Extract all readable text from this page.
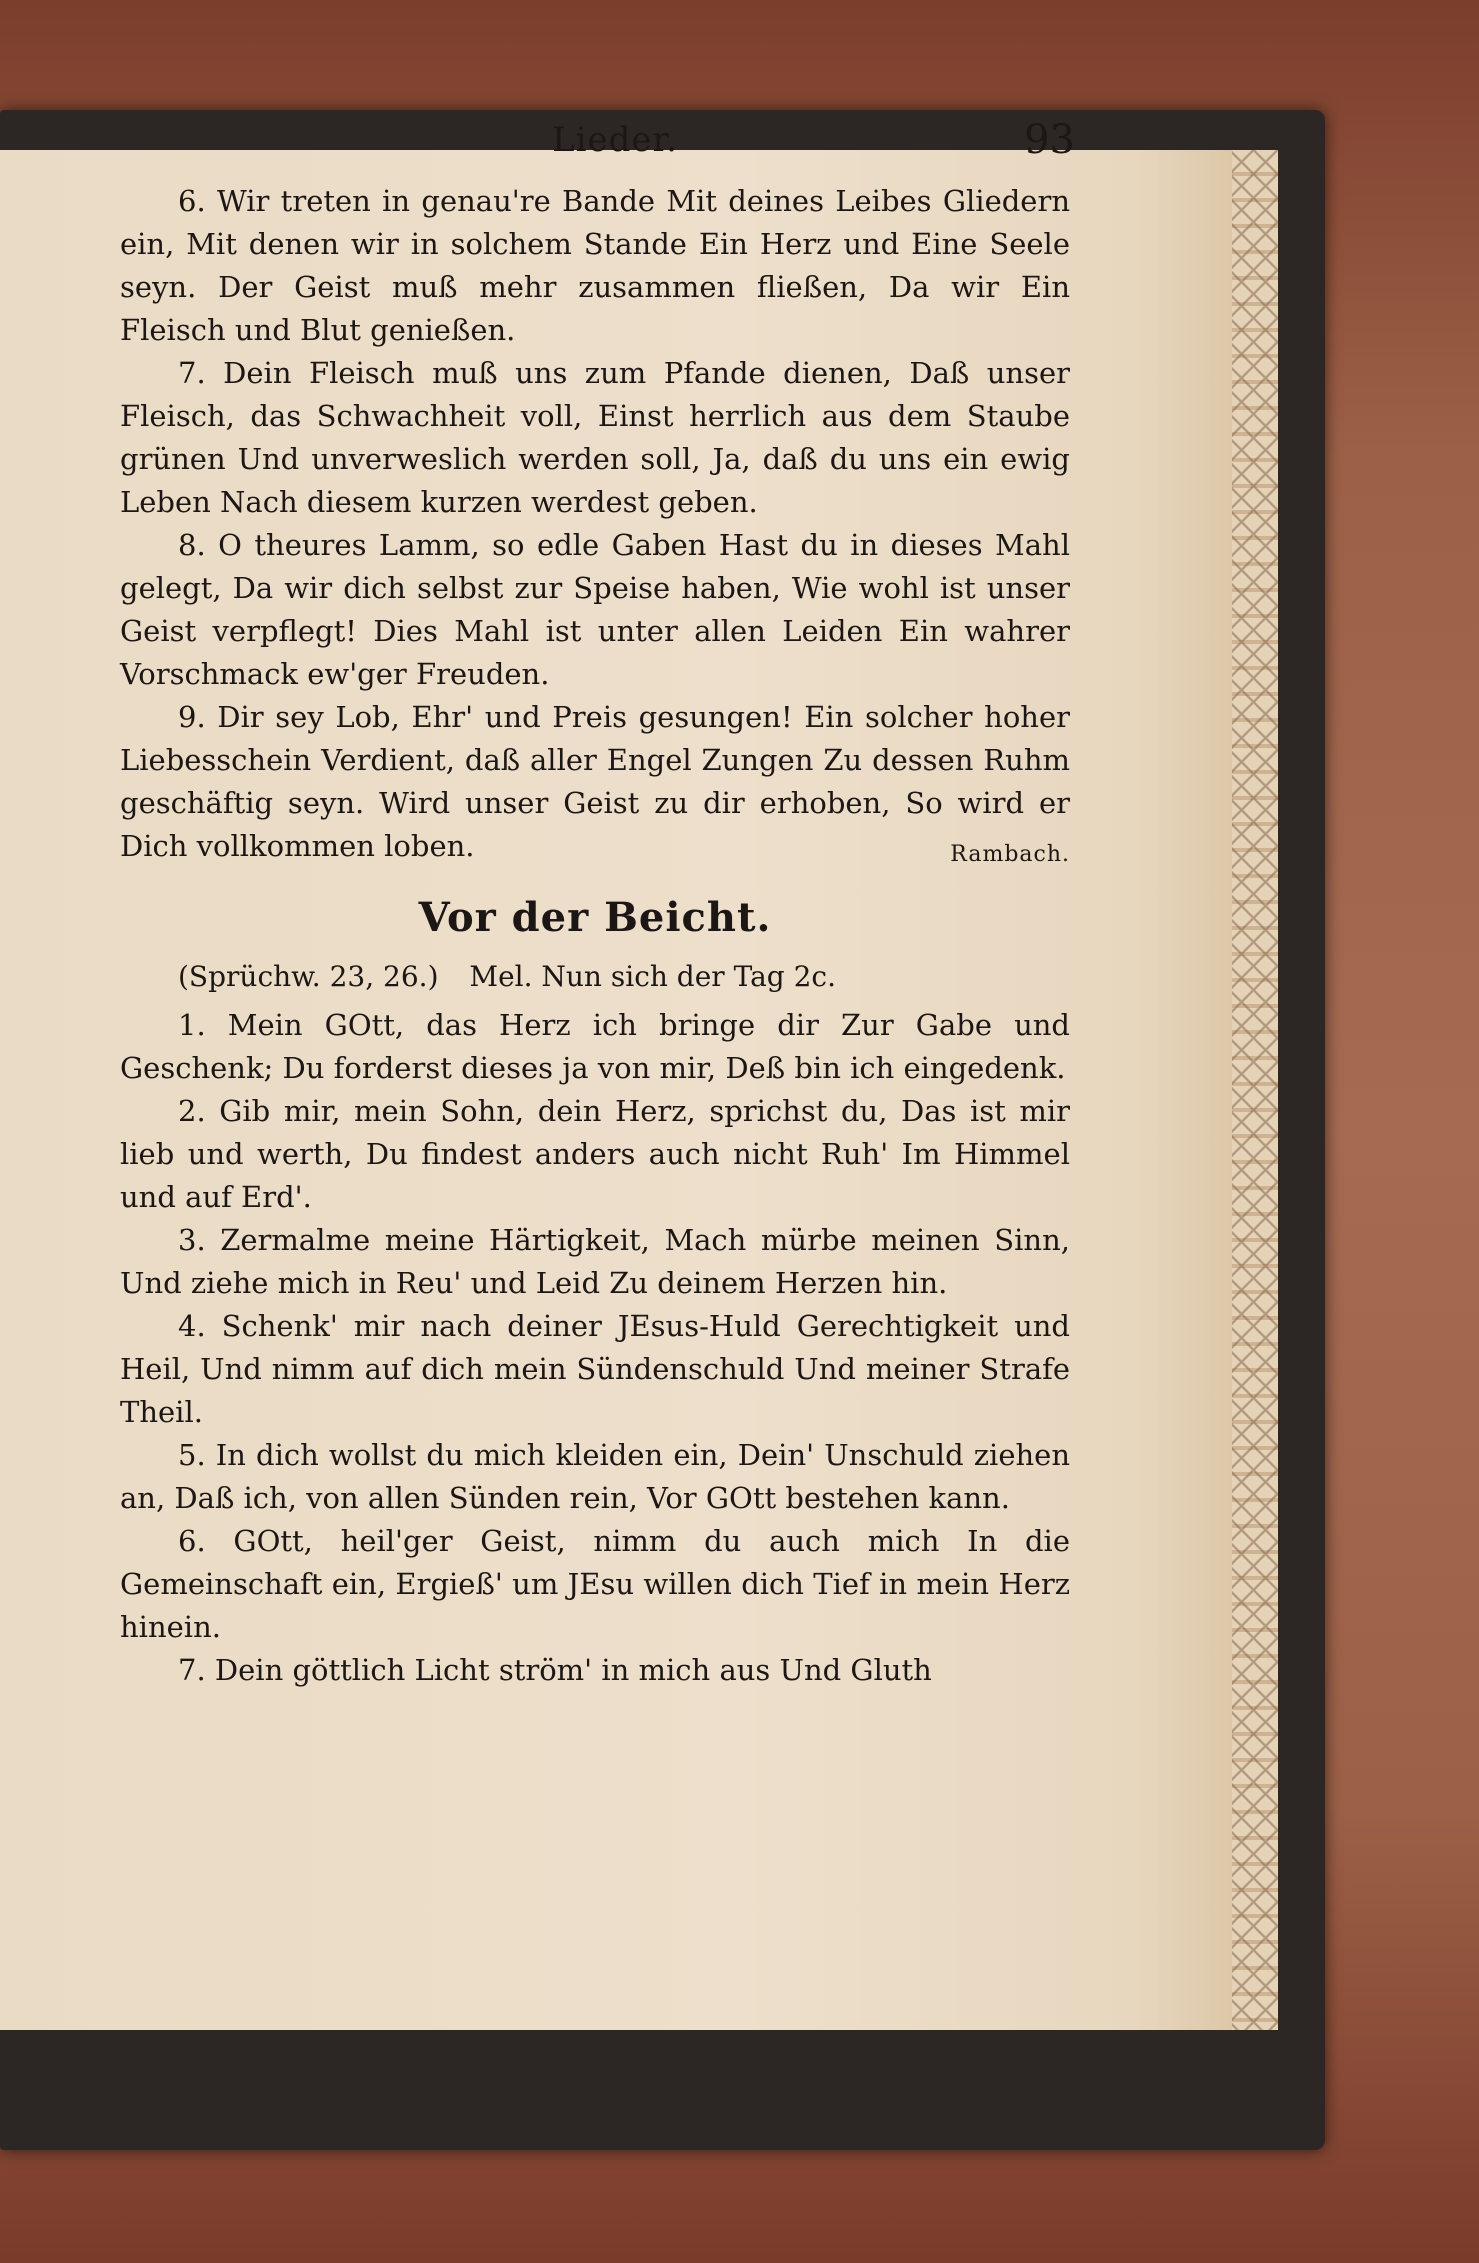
Lieder.	93

6. Wir treten in genau're Bande Mit deines Leibes Gliedern ein, Mit denen wir in solchem Stande Ein Herz und Eine Seele seyn. Der Geist muß mehr zusammen fließen, Da wir Ein Fleisch und Blut genießen.

7. Dein Fleisch muß uns zum Pfande dienen, Daß unser Fleisch, das Schwachheit voll, Einst herrlich aus dem Staube grünen Und unverweslich werden soll, Ja, daß du uns ein ewig Leben Nach diesem kurzen werdest geben.

8. O theures Lamm, so edle Gaben Hast du in dieses Mahl gelegt, Da wir dich selbst zur Speise haben, Wie wohl ist unser Geist verpflegt! Dies Mahl ist unter allen Leiden Ein wahrer Vorschmack ew'ger Freuden.

9. Dir sey Lob, Ehr' und Preis gesungen! Ein solcher hoher Liebesschein Verdient, daß aller Engel Zungen Zu dessen Ruhm geschäftig seyn. Wird unser Geist zu dir erhoben, So wird er Dich vollkommen loben.	Rambach.

Vor der Beicht.

(Sprüchw. 23, 26.) Mel. Nun sich der Tag 2c.

1. Mein GOtt, das Herz ich bringe dir Zur Gabe und Geschenk; Du forderst dieses ja von mir, Deß bin ich eingedenk.

2. Gib mir, mein Sohn, dein Herz, sprichst du, Das ist mir lieb und werth, Du findest anders auch nicht Ruh' Im Himmel und auf Erd'.

3. Zermalme meine Härtigkeit, Mach mürbe meinen Sinn, Und ziehe mich in Reu' und Leid Zu deinem Herzen hin.

4. Schenk' mir nach deiner JEsus-Huld Gerechtigkeit und Heil, Und nimm auf dich mein Sündenschuld Und meiner Strafe Theil.

5. In dich wollst du mich kleiden ein, Dein' Unschuld ziehen an, Daß ich, von allen Sünden rein, Vor GOtt bestehen kann.

6. GOtt, heil'ger Geist, nimm du auch mich In die Gemeinschaft ein, Ergieß' um JEsu willen dich Tief in mein Herz hinein.

7. Dein göttlich Licht ström' in mich aus Und Gluth
